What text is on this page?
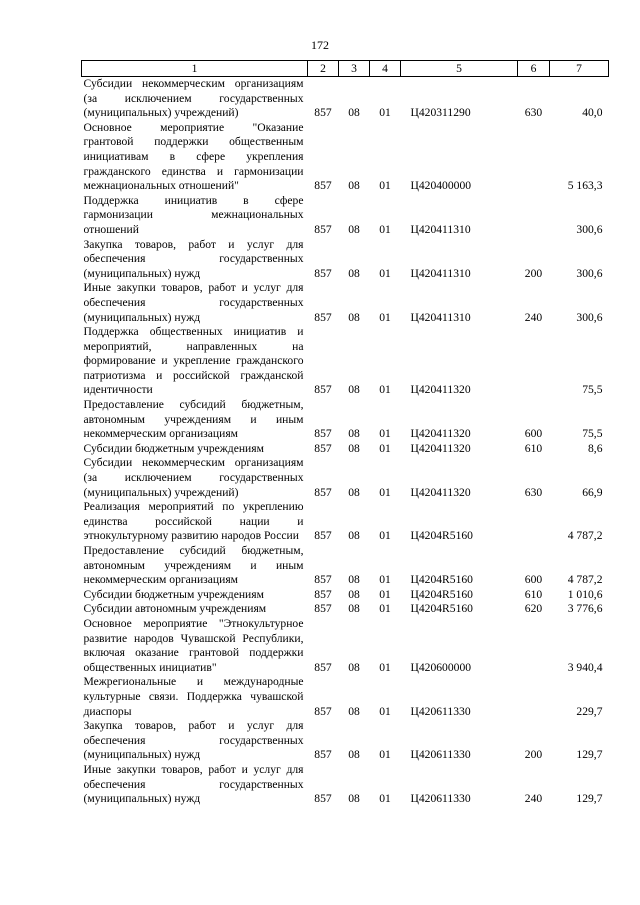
172
1	2	3	4	5	6	7
Субсидии некоммерческим организациям (за исключением государственных (муниципальных) учреждений)	857	08	01	Ц420311290	630	40,0
Основное мероприятие "Оказание грантовой поддержки общественным инициативам в сфере укрепления гражданского единства и гармонизации межнациональных отношений"	857	08	01	Ц420400000		5 163,3
Поддержка инициатив в сфере гармонизации межнациональных отношений	857	08	01	Ц420411310		300,6
Закупка товаров, работ и услуг для обеспечения государственных (муниципальных) нужд	857	08	01	Ц420411310	200	300,6
Иные закупки товаров, работ и услуг для обеспечения государственных (муниципальных) нужд	857	08	01	Ц420411310	240	300,6
Поддержка общественных инициатив и мероприятий, направленных на формирование и укрепление гражданского патриотизма и российской гражданской идентичности	857	08	01	Ц420411320		75,5
Предоставление субсидий бюджетным, автономным учреждениям и иным некоммерческим организациям	857	08	01	Ц420411320	600	75,5
Субсидии бюджетным учреждениям	857	08	01	Ц420411320	610	8,6
Субсидии некоммерческим организациям (за исключением государственных (муниципальных) учреждений)	857	08	01	Ц420411320	630	66,9
Реализация мероприятий по укреплению единства российской нации и этнокультурному развитию народов России	857	08	01	Ц4204R5160		4 787,2
Предоставление субсидий бюджетным, автономным учреждениям и иным некоммерческим организациям	857	08	01	Ц4204R5160	600	4 787,2
Субсидии бюджетным учреждениям	857	08	01	Ц4204R5160	610	1 010,6
Субсидии автономным учреждениям	857	08	01	Ц4204R5160	620	3 776,6
Основное мероприятие "Этнокультурное развитие народов Чувашской Республики, включая оказание грантовой поддержки общественных инициатив"	857	08	01	Ц420600000		3 940,4
Межрегиональные и международные культурные связи. Поддержка чувашской диаспоры	857	08	01	Ц420611330		229,7
Закупка товаров, работ и услуг для обеспечения государственных (муниципальных) нужд	857	08	01	Ц420611330	200	129,7
Иные закупки товаров, работ и услуг для обеспечения государственных (муниципальных) нужд	857	08	01	Ц420611330	240	129,7
